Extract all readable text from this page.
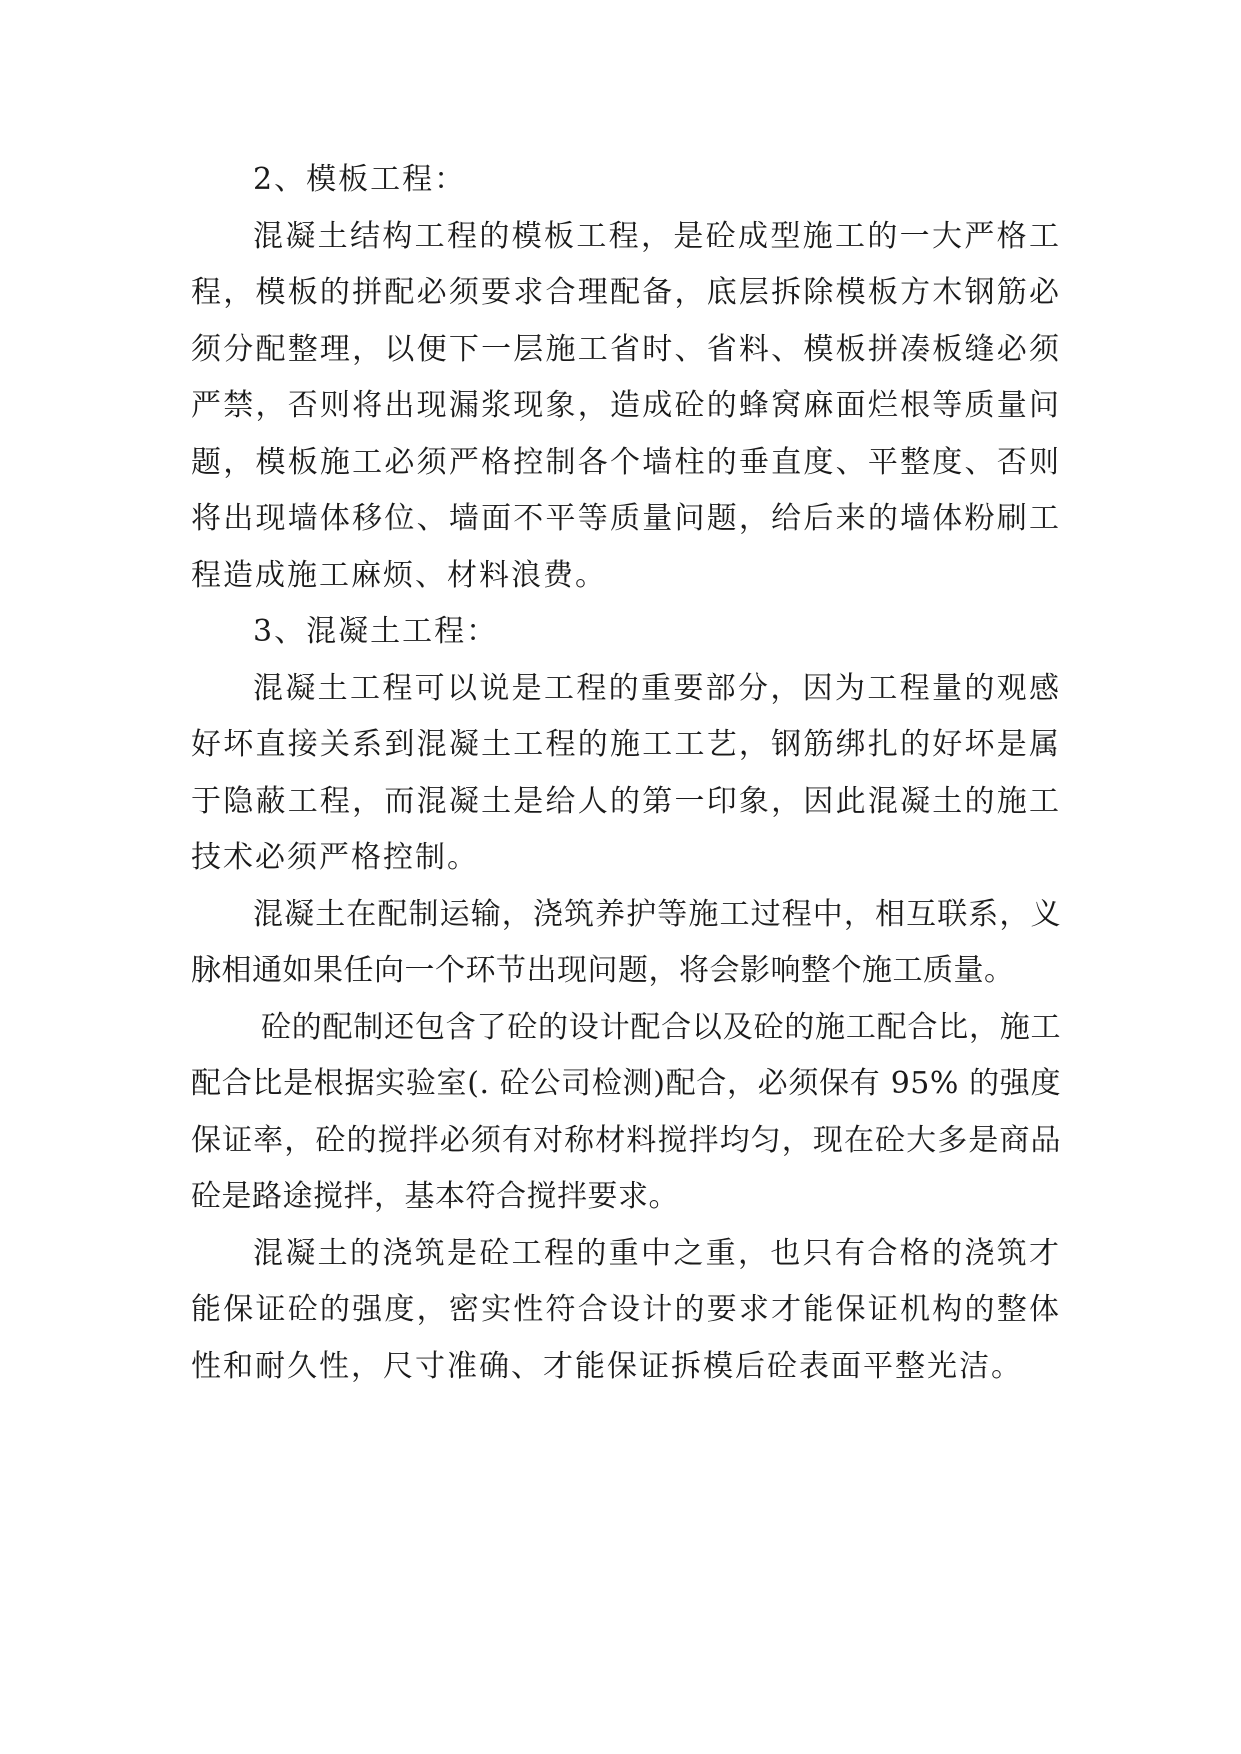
2、模板工程：

混凝土结构工程的模板工程，是砼成型施工的一大严格工程，模板的拼配必须要求合理配备，底层拆除模板方木钢筋必须分配整理，以便下一层施工省时、省料、模板拼凑板缝必须严禁，否则将出现漏浆现象，造成砼的蜂窝麻面烂根等质量问题，模板施工必须严格控制各个墙柱的垂直度、平整度、否则将出现墙体移位、墙面不平等质量问题，给后来的墙体粉刷工程造成施工麻烦、材料浪费。

3、混凝土工程：

混凝土工程可以说是工程的重要部分，因为工程量的观感好坏直接关系到混凝土工程的施工工艺，钢筋绑扎的好坏是属于隐蔽工程，而混凝土是给人的第一印象，因此混凝土的施工技术必须严格控制。

混凝土在配制运输，浇筑养护等施工过程中，相互联系，义脉相通如果任向一个环节出现问题，将会影响整个施工质量。

砼的配制还包含了砼的设计配合以及砼的施工配合比，施工配合比是根据实验室(. 砼公司检测)配合，必须保有 95% 的强度保证率，砼的搅拌必须有对称材料搅拌均匀，现在砼大多是商品砼是路途搅拌，基本符合搅拌要求。

混凝土的浇筑是砼工程的重中之重，也只有合格的浇筑才能保证砼的强度，密实性符合设计的要求才能保证机构的整体性和耐久性，尺寸准确、才能保证拆模后砼表面平整光洁。
